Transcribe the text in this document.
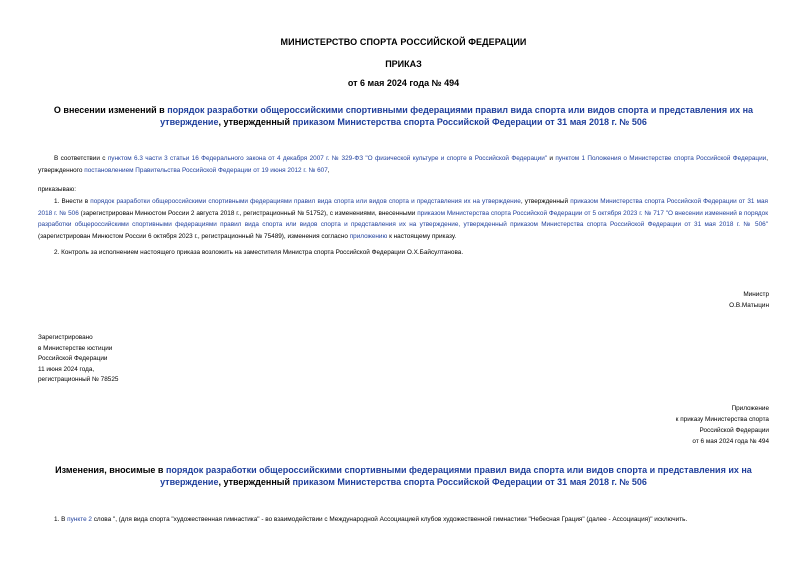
МИНИСТЕРСТВО СПОРТА РОССИЙСКОЙ ФЕДЕРАЦИИ
ПРИКАЗ
от 6 мая 2024 года № 494
О внесении изменений в порядок разработки общероссийскими спортивными федерациями правил вида спорта или видов спорта и представления их на утверждение, утвержденный приказом Министерства спорта Российской Федерации от 31 мая 2018 г. № 506
В соответствии с пунктом 6.3 части 3 статьи 16 Федерального закона от 4 декабря 2007 г. № 329-ФЗ "О физической культуре и спорте в Российской Федерации" и пунктом 1 Положения о Министерстве спорта Российской Федерации, утвержденного постановлением Правительства Российской Федерации от 19 июня 2012 г. № 607,
приказываю:
1. Внести в порядок разработки общероссийскими спортивными федерациями правил вида спорта или видов спорта и представления их на утверждение, утвержденный приказом Министерства спорта Российской Федерации от 31 мая 2018 г. № 506 (зарегистрирован Минюстом России 2 августа 2018 г., регистрационный № 51752), с изменениями, внесенными приказом Министерства спорта Российской Федерации от 5 октября 2023 г. № 717 "О внесении изменений в порядок разработки общероссийскими спортивными федерациями правил вида спорта или видов спорта и представления их на утверждение, утвержденный приказом Министерства спорта Российской Федерации от 31 мая 2018 г. № 506" (зарегистрирован Минюстом России 6 октября 2023 г., регистрационный № 75489), изменения согласно приложению к настоящему приказу.
2. Контроль за исполнением настоящего приказа возложить на заместителя Министра спорта Российской Федерации О.Х.Байсултанова.
Министр
О.В.Матыцин
Зарегистрировано
в Министерстве юстиции
Российской Федерации
11 июня 2024 года,
регистрационный № 78525
Приложение
к приказу Министерства спорта
Российской Федерации
от 6 мая 2024 года № 494
Изменения, вносимые в порядок разработки общероссийскими спортивными федерациями правил вида спорта или видов спорта и представления их на утверждение, утвержденный приказом Министерства спорта Российской Федерации от 31 мая 2018 г. № 506
1. В пункте 2 слова ", (для вида спорта "художественная гимнастика" - во взаимодействии с Международной Ассоциацией клубов художественной гимнастики "Небесная Грация" (далее - Ассоциация)" исключить.
